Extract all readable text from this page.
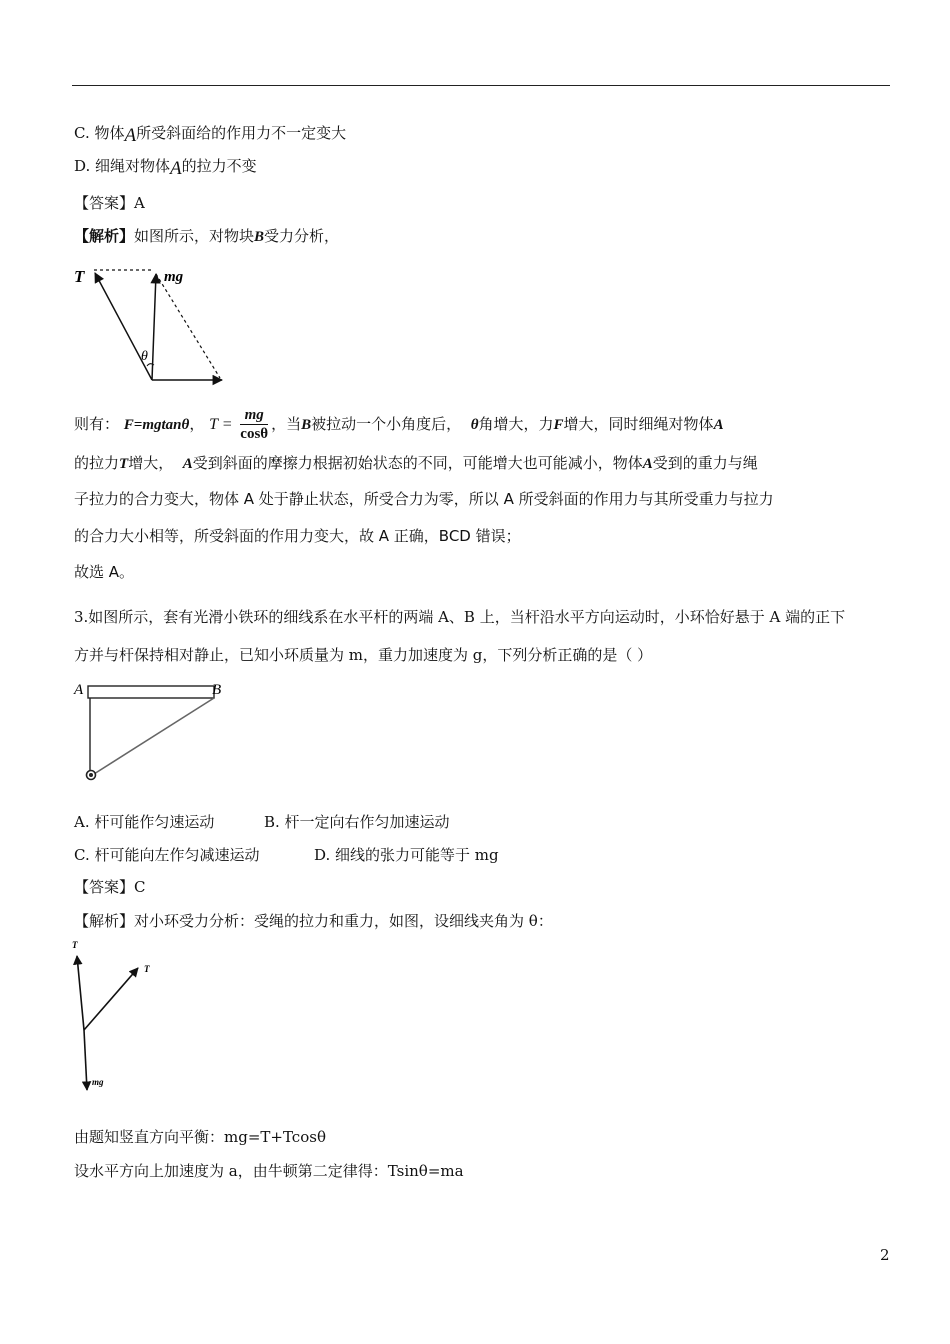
C. 物体A所受斜面给的作用力不一定变大
D. 细绳对物体A的拉力不变
【答案】A
【解析】如图所示，对物块B受力分析，
T	mg
θ
则有： F=mgtanθ， $T = \frac{mg}{\cos\theta}$ ，当B被拉动一个小角度后， θ角增大，力F增大，同时细绳对物体A
的拉力T增大， A受到斜面的摩擦力根据初始状态的不同，可能增大也可能减小，物体A受到的重力与绳
子拉力的合力变大，物体 A 处于静止状态，所受合力为零，所以 A 所受斜面的作用力与其所受重力与拉力
的合力大小相等，所受斜面的作用力变大，故 A 正确，BCD 错误；
故选 A。
3.如图所示，套有光滑小铁环的细线系在水平杆的两端 A、B 上，当杆沿水平方向运动时，小环恰好悬于 A 端的正下
方并与杆保持相对静止，已知小环质量为 m，重力加速度为 g，下列分析正确的是（ ）
A	B
A. 杆可能作匀速运动	B. 杆一定向右作匀加速运动
C. 杆可能向左作匀减速运动	D. 细线的张力可能等于 mg
【答案】C
【解析】对小环受力分析：受绳的拉力和重力，如图，设细线夹角为 θ：
T
T
mg
由题知竖直方向平衡：mg=T+Tcosθ
设水平方向上加速度为 a，由牛顿第二定律得：Tsinθ=ma
2
